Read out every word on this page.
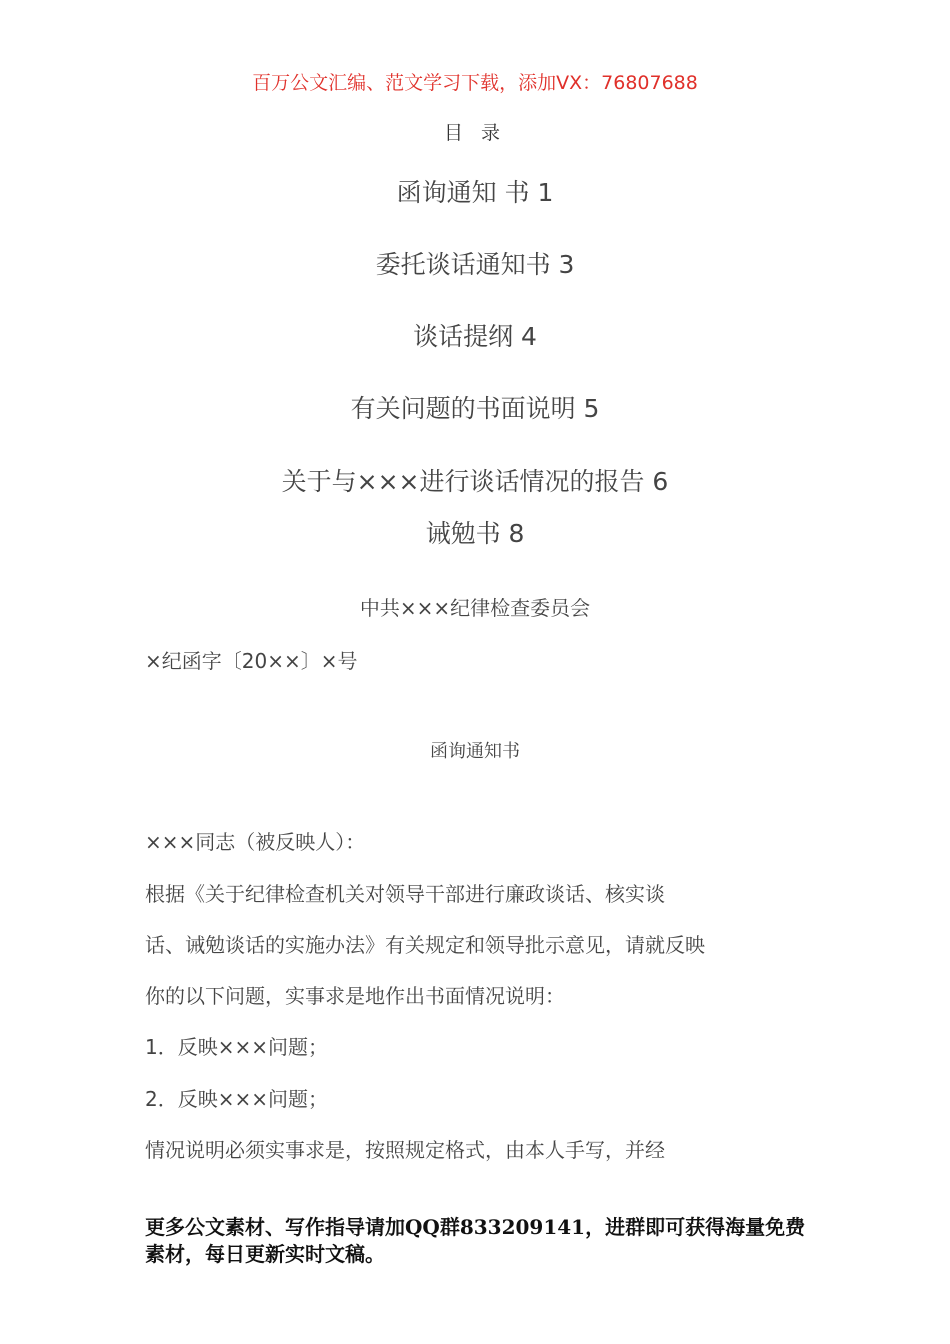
百万公文汇编、范文学习下载，添加VX：76807688

目 录

函询通知 书 1

委托谈话通知书 3

谈话提纲 4

有关问题的书面说明 5

关于与×××进行谈话情况的报告 6

诫勉书 8

中共×××纪律检查委员会

×纪函字〔20××〕×号

函询通知书

×××同志（被反映人）：

根据《关于纪律检查机关对领导干部进行廉政谈话、核实谈

话、诫勉谈话的实施办法》有关规定和领导批示意见，请就反映

你的以下问题，实事求是地作出书面情况说明：

1．反映×××问题；

2．反映×××问题；

情况说明必须实事求是，按照规定格式，由本人手写，并经

更多公文素材、写作指导请加QQ群833209141，进群即可获得海量免费素材，每日更新实时文稿。
